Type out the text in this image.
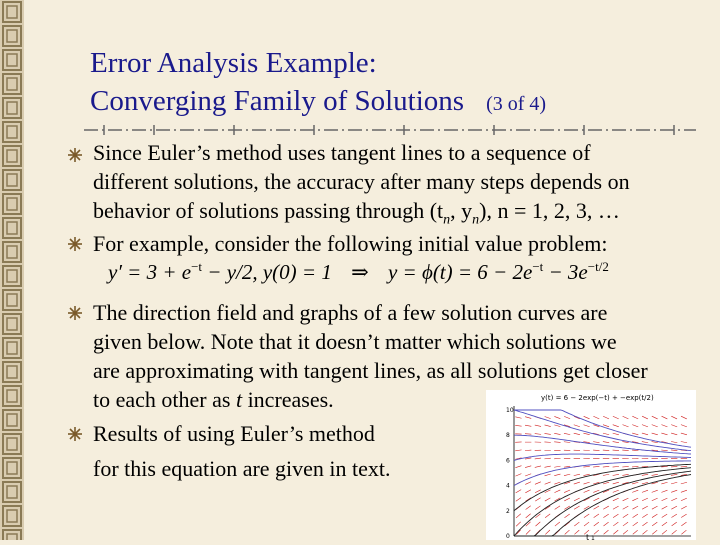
Error Analysis Example:
Converging Family of Solutions (3 of 4)
Since Euler’s method uses tangent lines to a sequence of
different solutions, the accuracy after many steps depends on
behavior of solutions passing through ($t_n$, $y_n$), n = 1, 2, 3, …
For example, consider the following initial value problem:
$y' = 3 + e^{-t} - y/2$, y(0) = 1 ⇒ $y = \phi(t) = 6 - 2e^{-t} - 3e^{-t/2}$
The direction field and graphs of a few solution curves are
given below. Note that it doesn’t matter which solutions we
are approximating with tangent lines, as all solutions get closer
to each other as t increases.
Results of using Euler’s method
for this equation are given in text.
y(t) = 6 − 2exp(−t) + −exp(t/2)
10
8
6
4
2
0	t 1
